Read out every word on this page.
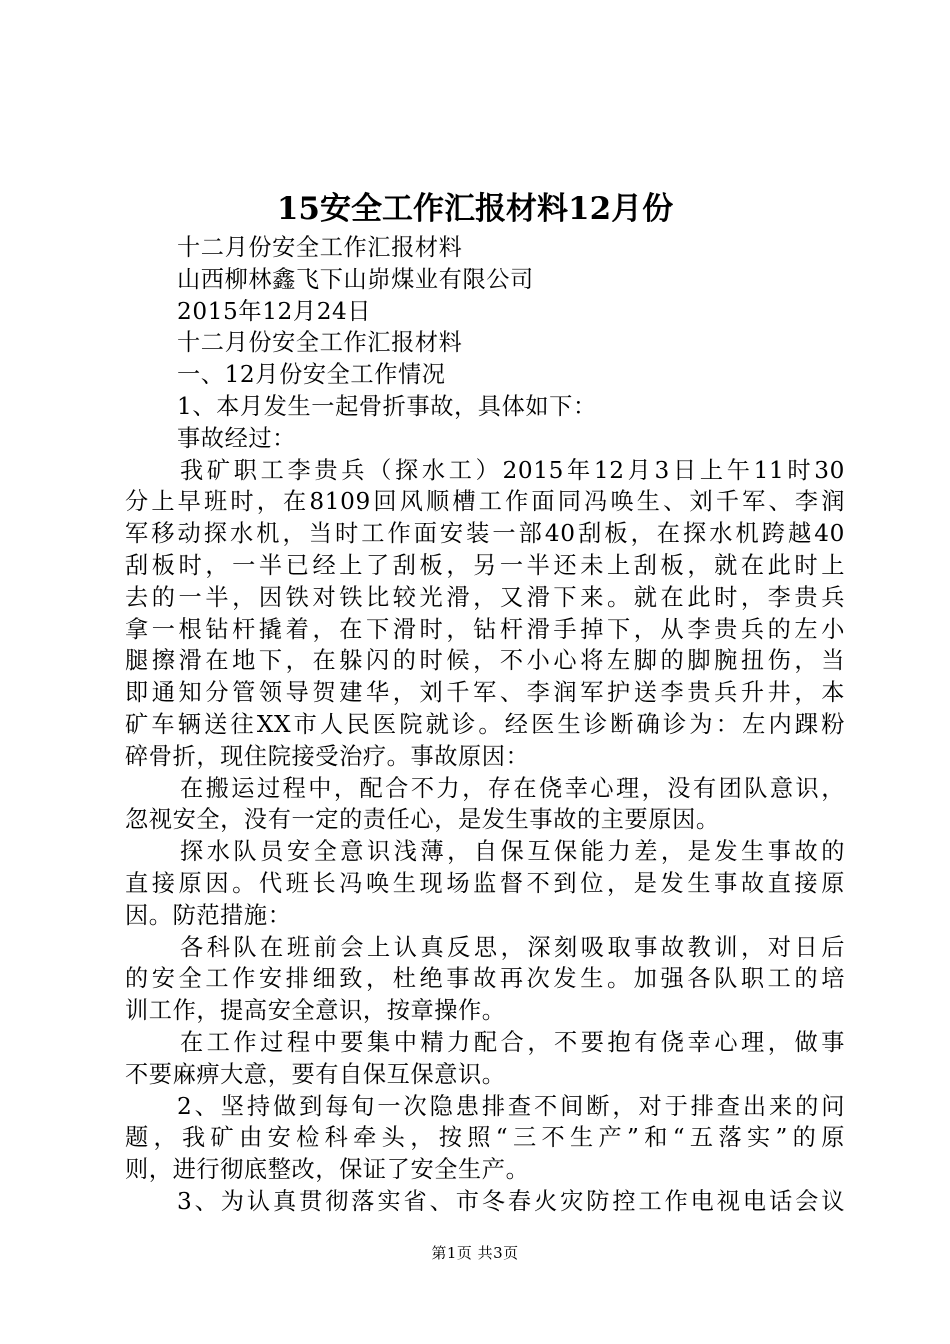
15安全工作汇报材料12月份
十二月份安全工作汇报材料
山西柳林鑫飞下山峁煤业有限公司
2015年12月24日
十二月份安全工作汇报材料
一、12月份安全工作情况
1、本月发生一起骨折事故，具体如下：
事故经过：
我矿职工李贵兵（探水工）2015年12月3日上午11时30
分上早班时，在8109回风顺槽工作面同冯唤生、刘千军、李润
军移动探水机，当时工作面安装一部40刮板，在探水机跨越40
刮板时，一半已经上了刮板，另一半还未上刮板，就在此时上
去的一半，因铁对铁比较光滑，又滑下来。就在此时，李贵兵
拿一根钻杆撬着，在下滑时，钻杆滑手掉下，从李贵兵的左小
腿擦滑在地下，在躲闪的时候，不小心将左脚的脚腕扭伤，当
即通知分管领导贺建华，刘千军、李润军护送李贵兵升井，本
矿车辆送往XX市人民医院就诊。经医生诊断确诊为：左内踝粉
碎骨折，现住院接受治疗。事故原因：
在搬运过程中，配合不力，存在侥幸心理，没有团队意识，
忽视安全，没有一定的责任心，是发生事故的主要原因。
探水队员安全意识浅薄，自保互保能力差，是发生事故的
直接原因。代班长冯唤生现场监督不到位，是发生事故直接原
因。防范措施：
各科队在班前会上认真反思，深刻吸取事故教训，对日后
的安全工作安排细致，杜绝事故再次发生。加强各队职工的培
训工作，提高安全意识，按章操作。
在工作过程中要集中精力配合，不要抱有侥幸心理，做事
不要麻痹大意，要有自保互保意识。
2、坚持做到每旬一次隐患排查不间断，对于排查出来的问
题，我矿由安检科牵头，按照“三不生产”和“五落实”的原
则，进行彻底整改，保证了安全生产。
3、为认真贯彻落实省、市冬春火灾防控工作电视电话会议
第1页 共3页
